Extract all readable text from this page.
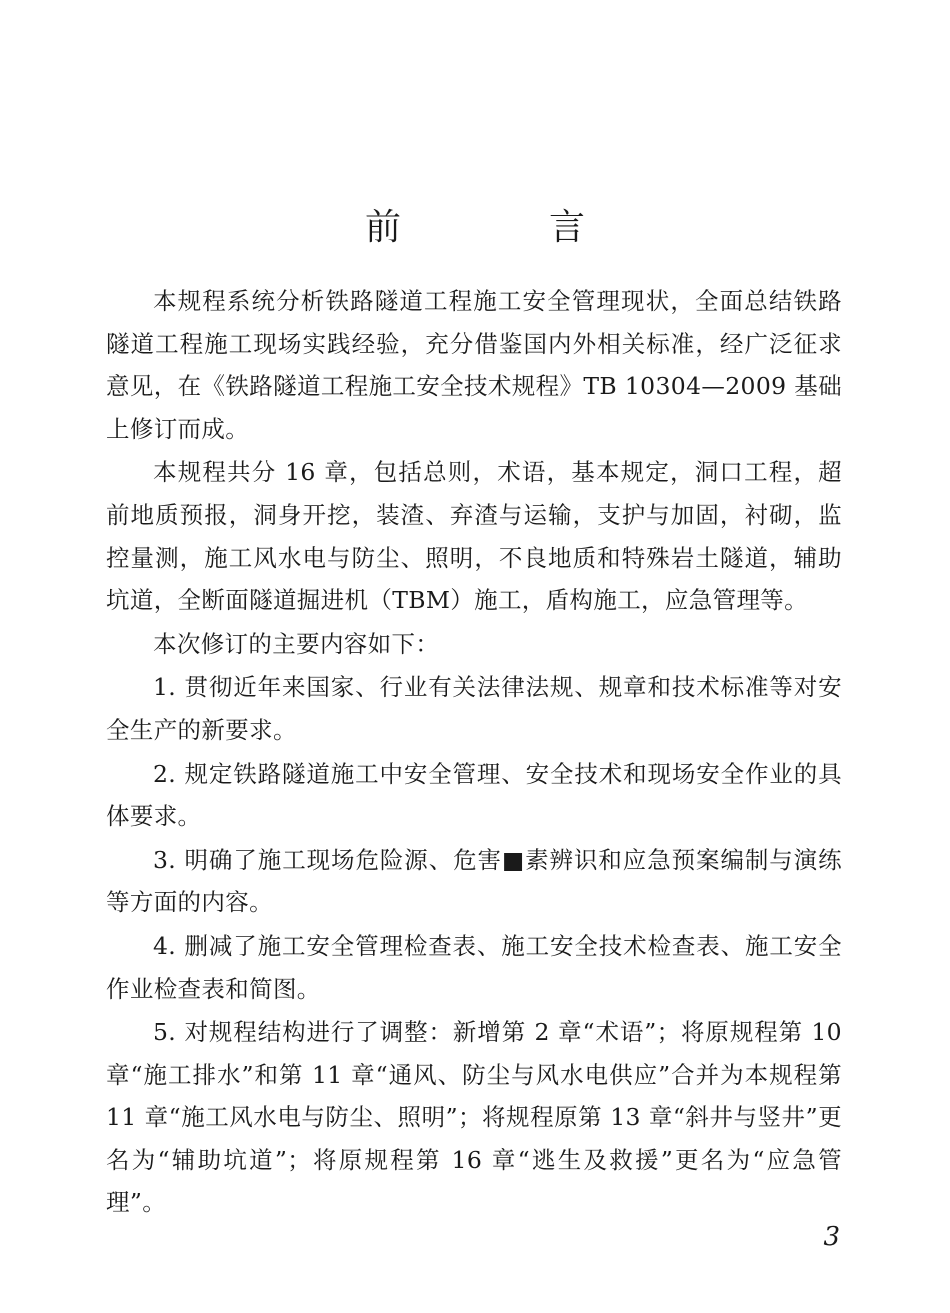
前　言

本规程系统分析铁路隧道工程施工安全管理现状，全面总结铁路隧道工程施工现场实践经验，充分借鉴国内外相关标准，经广泛征求意见，在《铁路隧道工程施工安全技术规程》TB 10304—2009 基础上修订而成。

本规程共分 16 章，包括总则，术语，基本规定，洞口工程，超前地质预报，洞身开挖，装渣、弃渣与运输，支护与加固，衬砌，监控量测，施工风水电与防尘、照明，不良地质和特殊岩土隧道，辅助坑道，全断面隧道掘进机（TBM）施工，盾构施工，应急管理等。

本次修订的主要内容如下：

1. 贯彻近年来国家、行业有关法律法规、规章和技术标准等对安全生产的新要求。

2. 规定铁路隧道施工中安全管理、安全技术和现场安全作业的具体要求。

3. 明确了施工现场危险源、危害■素辨识和应急预案编制与演练等方面的内容。

4. 删减了施工安全管理检查表、施工安全技术检查表、施工安全作业检查表和简图。

5. 对规程结构进行了调整：新增第 2 章“术语”；将原规程第 10 章“施工排水”和第 11 章“通风、防尘与风水电供应”合并为本规程第 11 章“施工风水电与防尘、照明”；将规程原第 13 章“斜井与竖井”更名为“辅助坑道”；将原规程第 16 章“逃生及救援”更名为“应急管理”。

3
